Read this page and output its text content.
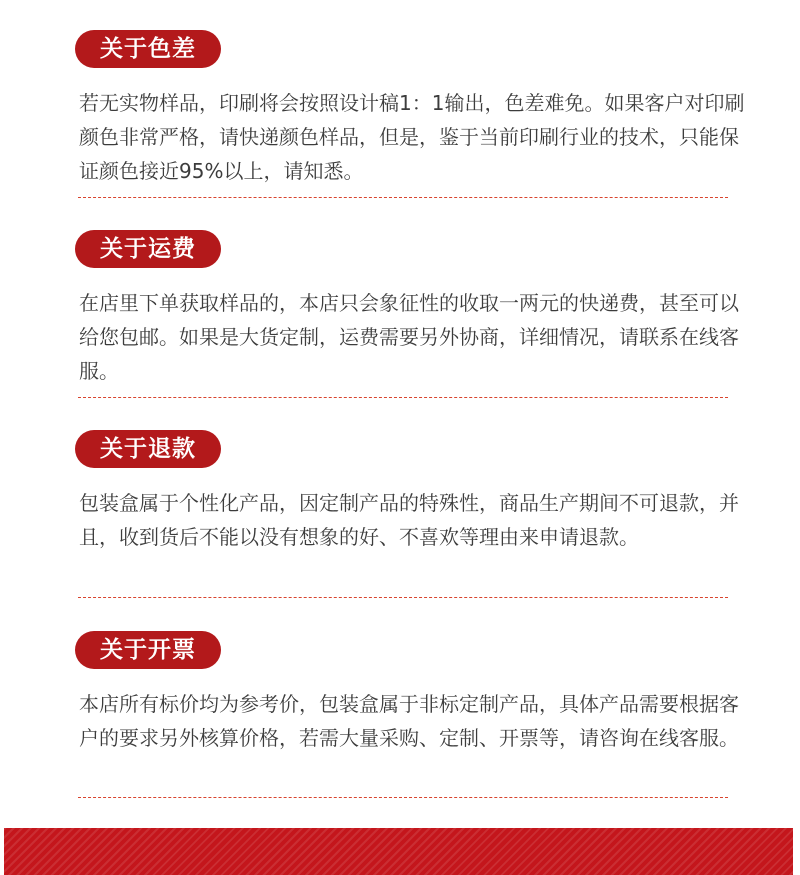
关于色差
若无实物样品，印刷将会按照设计稿1：1输出，色差难免。如果客户对印刷颜色非常严格，请快递颜色样品，但是，鉴于当前印刷行业的技术，只能保证颜色接近95%以上，请知悉。
关于运费
在店里下单获取样品的，本店只会象征性的收取一两元的快递费，甚至可以给您包邮。如果是大货定制，运费需要另外协商，详细情况，请联系在线客服。
关于退款
包装盒属于个性化产品，因定制产品的特殊性，商品生产期间不可退款，并且，收到货后不能以没有想象的好、不喜欢等理由来申请退款。
关于开票
本店所有标价均为参考价，包装盒属于非标定制产品，具体产品需要根据客户的要求另外核算价格，若需大量采购、定制、开票等，请咨询在线客服。
